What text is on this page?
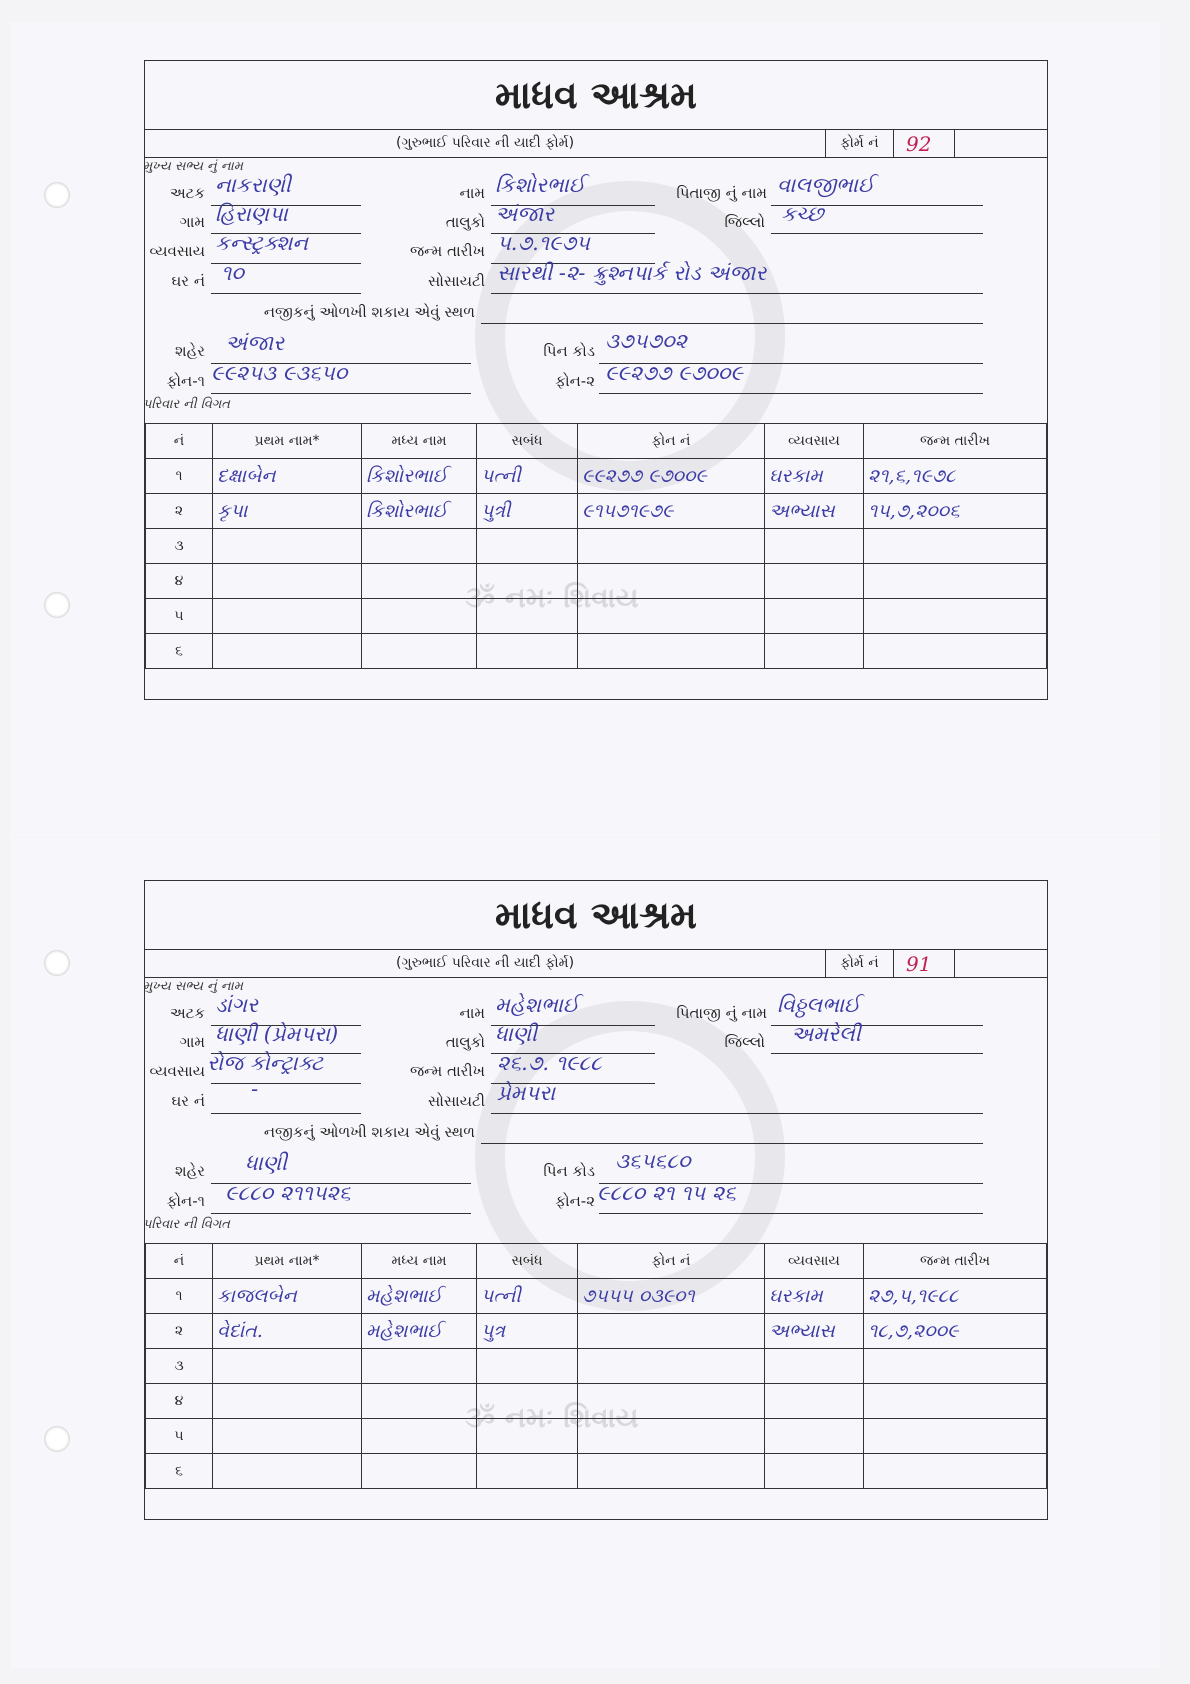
ૐ નમઃ શિવાય
માધવ આશ્રમ
(ગુરુભાઈ પરિવાર ની યાદી ફોર્મ)	ફોર્મ નં	92
મુખ્ય સભ્ય નું નામ
અટક નાકરાણી	નામ કિશોરભાઈ	પિતાજી નું નામ વાલજીભાઈ
ગામ હિરાણપા	તાલુકો અંજાર	જિલ્લો કચ્છ
વ્યવસાય કન્સ્ટ્રક્શન	જન્મ તારીખ ૫.૭.૧૯૭૫
ઘર નં ૧૦	સોસાયટી સારથી -૨- ક્રુશ્નપાર્ક રોડ અંજાર
નજીકનું ઓળખી શકાય એવું સ્થળ
શહેર અંજાર	પિન કોડ ૩૭૫૭૦૨
ફોન-૧ ૯૯૨૫૩ ૯૩૬૫૦	ફોન-૨ ૯૯૨૭૭ ૯૭૦૦૯
પરિવાર ની વિગત
નં	પ્રથમ નામ*	મધ્ય નામ	સબંધ	ફોન નં	વ્યવસાય	જન્મ તારીખ
૧	દક્ષાબેન	કિશોરભાઈ	પત્ની	૯૯૨૭૭ ૯૭૦૦૯	ઘરકામ	૨૧,૬,૧૯૭૮
૨	કૃપા	કિશોરભાઈ	પુત્રી	૯૧૫૭૧૯૭૯	અભ્યાસ	૧૫,૭,૨૦૦૬
૩						
૪						
૫						
૬						
ૐ નમઃ શિવાય
માધવ આશ્રમ
(ગુરુભાઈ પરિવાર ની યાદી ફોર્મ)	ફોર્મ નં	91
મુખ્ય સભ્ય નું નામ
અટક ડાંગર	નામ મહેશભાઈ	પિતાજી નું નામ વિઠ્ઠલભાઈ
ગામ ધાણી (પ્રેમપરા)	તાલુકો ધાણી	જિલ્લો અમરેલી
વ્યવસાય રોજ કોન્ટ્રાક્ટ	જન્મ તારીખ ૨૬.૭. ૧૯૮૮
ઘર નં -	સોસાયટી પ્રેમપરા
નજીકનું ઓળખી શકાય એવું સ્થળ
શહેર ધાણી	પિન કોડ ૩૬૫૬૮૦
ફોન-૧ ૯૮૮૦ ૨૧૧૫૨૬	ફોન-૨ ૯૮૮૦ ૨૧ ૧૫ ૨૬
પરિવાર ની વિગત
નં	પ્રથમ નામ*	મધ્ય નામ	સબંધ	ફોન નં	વ્યવસાય	જન્મ તારીખ
૧	કાજલબેન	મહેશભાઈ	પત્ની	૭૫૫૫ ૦૩૯૦૧	ઘરકામ	૨૭,૫,૧૯૮૮
૨	વેદાંત.	મહેશભાઈ	પુત્ર		અભ્યાસ	૧૮,૭,૨૦૦૯
૩						
૪						
૫						
૬						
